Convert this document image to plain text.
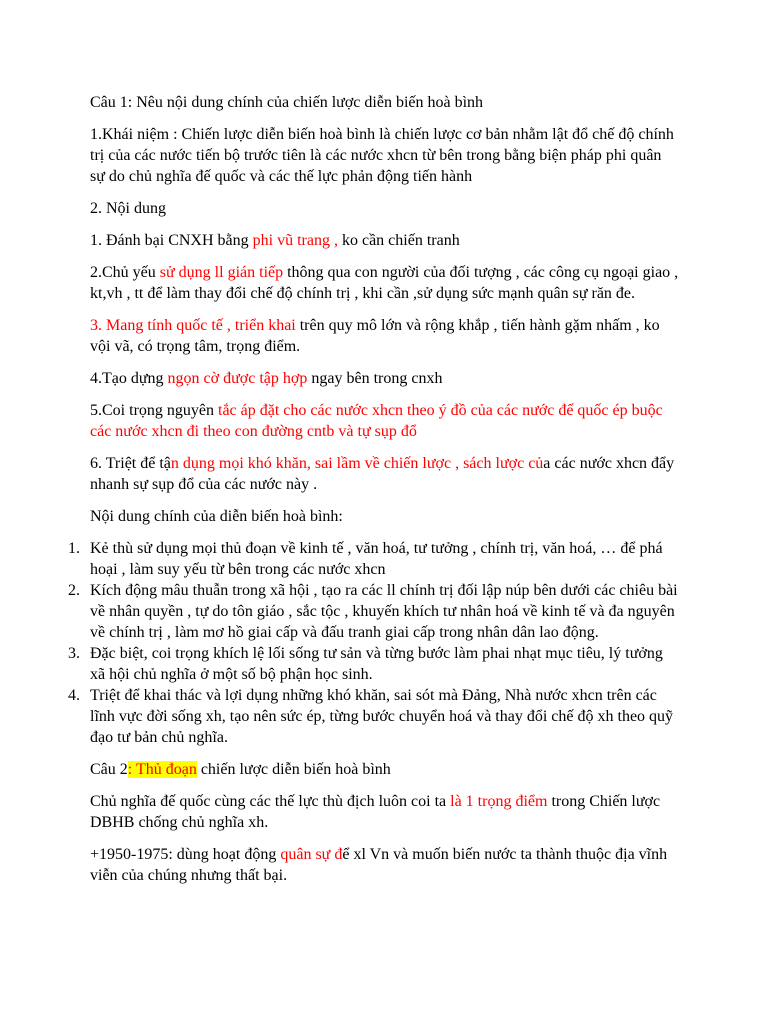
Câu 1: Nêu nội dung chính của chiến lược diễn biến hoà bình

1.Khái niệm : Chiến lược diễn biến hoà bình là chiến lược cơ bản nhằm lật đổ chế độ chính trị của các nước tiến bộ trước tiên là các nước xhcn từ bên trong bằng biện pháp phi quân sự do chủ nghĩa đế quốc và các thế lực phản động tiến hành

2. Nội dung

1. Đánh bại CNXH bằng phi vũ trang , ko cần chiến tranh

2.Chủ yếu sử dụng ll gián tiếp thông qua con người của đối tượng , các công cụ ngoại giao , kt,vh , tt để làm thay đổi chế độ chính trị , khi cần ,sử dụng sức mạnh quân sự răn đe.

3. Mang tính quốc tế , triển khai trên quy mô lớn và rộng khắp , tiến hành gặm nhấm , ko vội vã, có trọng tâm, trọng điểm.

4.Tạo dựng ngọn cờ được tập hợp ngay bên trong cnxh

5.Coi trọng nguyên tắc áp đặt cho các nước xhcn theo ý đồ của các nước đế quốc ép buộc các nước xhcn đi theo con đường cntb và tự sụp đổ

6. Triệt để tận dụng mọi khó khăn, sai lầm về chiến lược , sách lược của các nước xhcn đẩy nhanh sự sụp đổ của các nước này .

Nội dung chính của diễn biến hoà bình:

1. Kẻ thù sử dụng mọi thủ đoạn về kinh tế , văn hoá, tư tưởng , chính trị, văn hoá, … để phá hoại , làm suy yếu từ bên trong các nước xhcn
2. Kích động mâu thuẫn trong xã hội , tạo ra các ll chính trị đối lập núp bên dưới các chiêu bài về nhân quyền , tự do tôn giáo , sắc tộc , khuyến khích tư nhân hoá về kinh tế và đa nguyên về chính trị , làm mơ hồ giai cấp và đấu tranh giai cấp trong nhân dân lao động.
3. Đặc biệt, coi trọng khích lệ lối sống tư sản và từng bước làm phai nhạt mục tiêu, lý tưởng xã hội chủ nghĩa ở một số bộ phận học sinh.
4. Triệt để khai thác và lợi dụng những khó khăn, sai sót mà Đảng, Nhà nước xhcn trên các lĩnh vực đời sống xh, tạo nên sức ép, từng bước chuyển hoá và thay đổi chế độ xh theo quỹ đạo tư bản chủ nghĩa.

Câu 2: Thủ đoạn chiến lược diễn biến hoà bình

Chủ nghĩa đế quốc cùng các thế lực thù địch luôn coi ta là 1 trọng điểm trong Chiến lược DBHB chống chủ nghĩa xh.

+1950-1975: dùng hoạt động quân sự để xl Vn và muốn biến nước ta thành thuộc địa vĩnh viễn của chúng nhưng thất bại.
